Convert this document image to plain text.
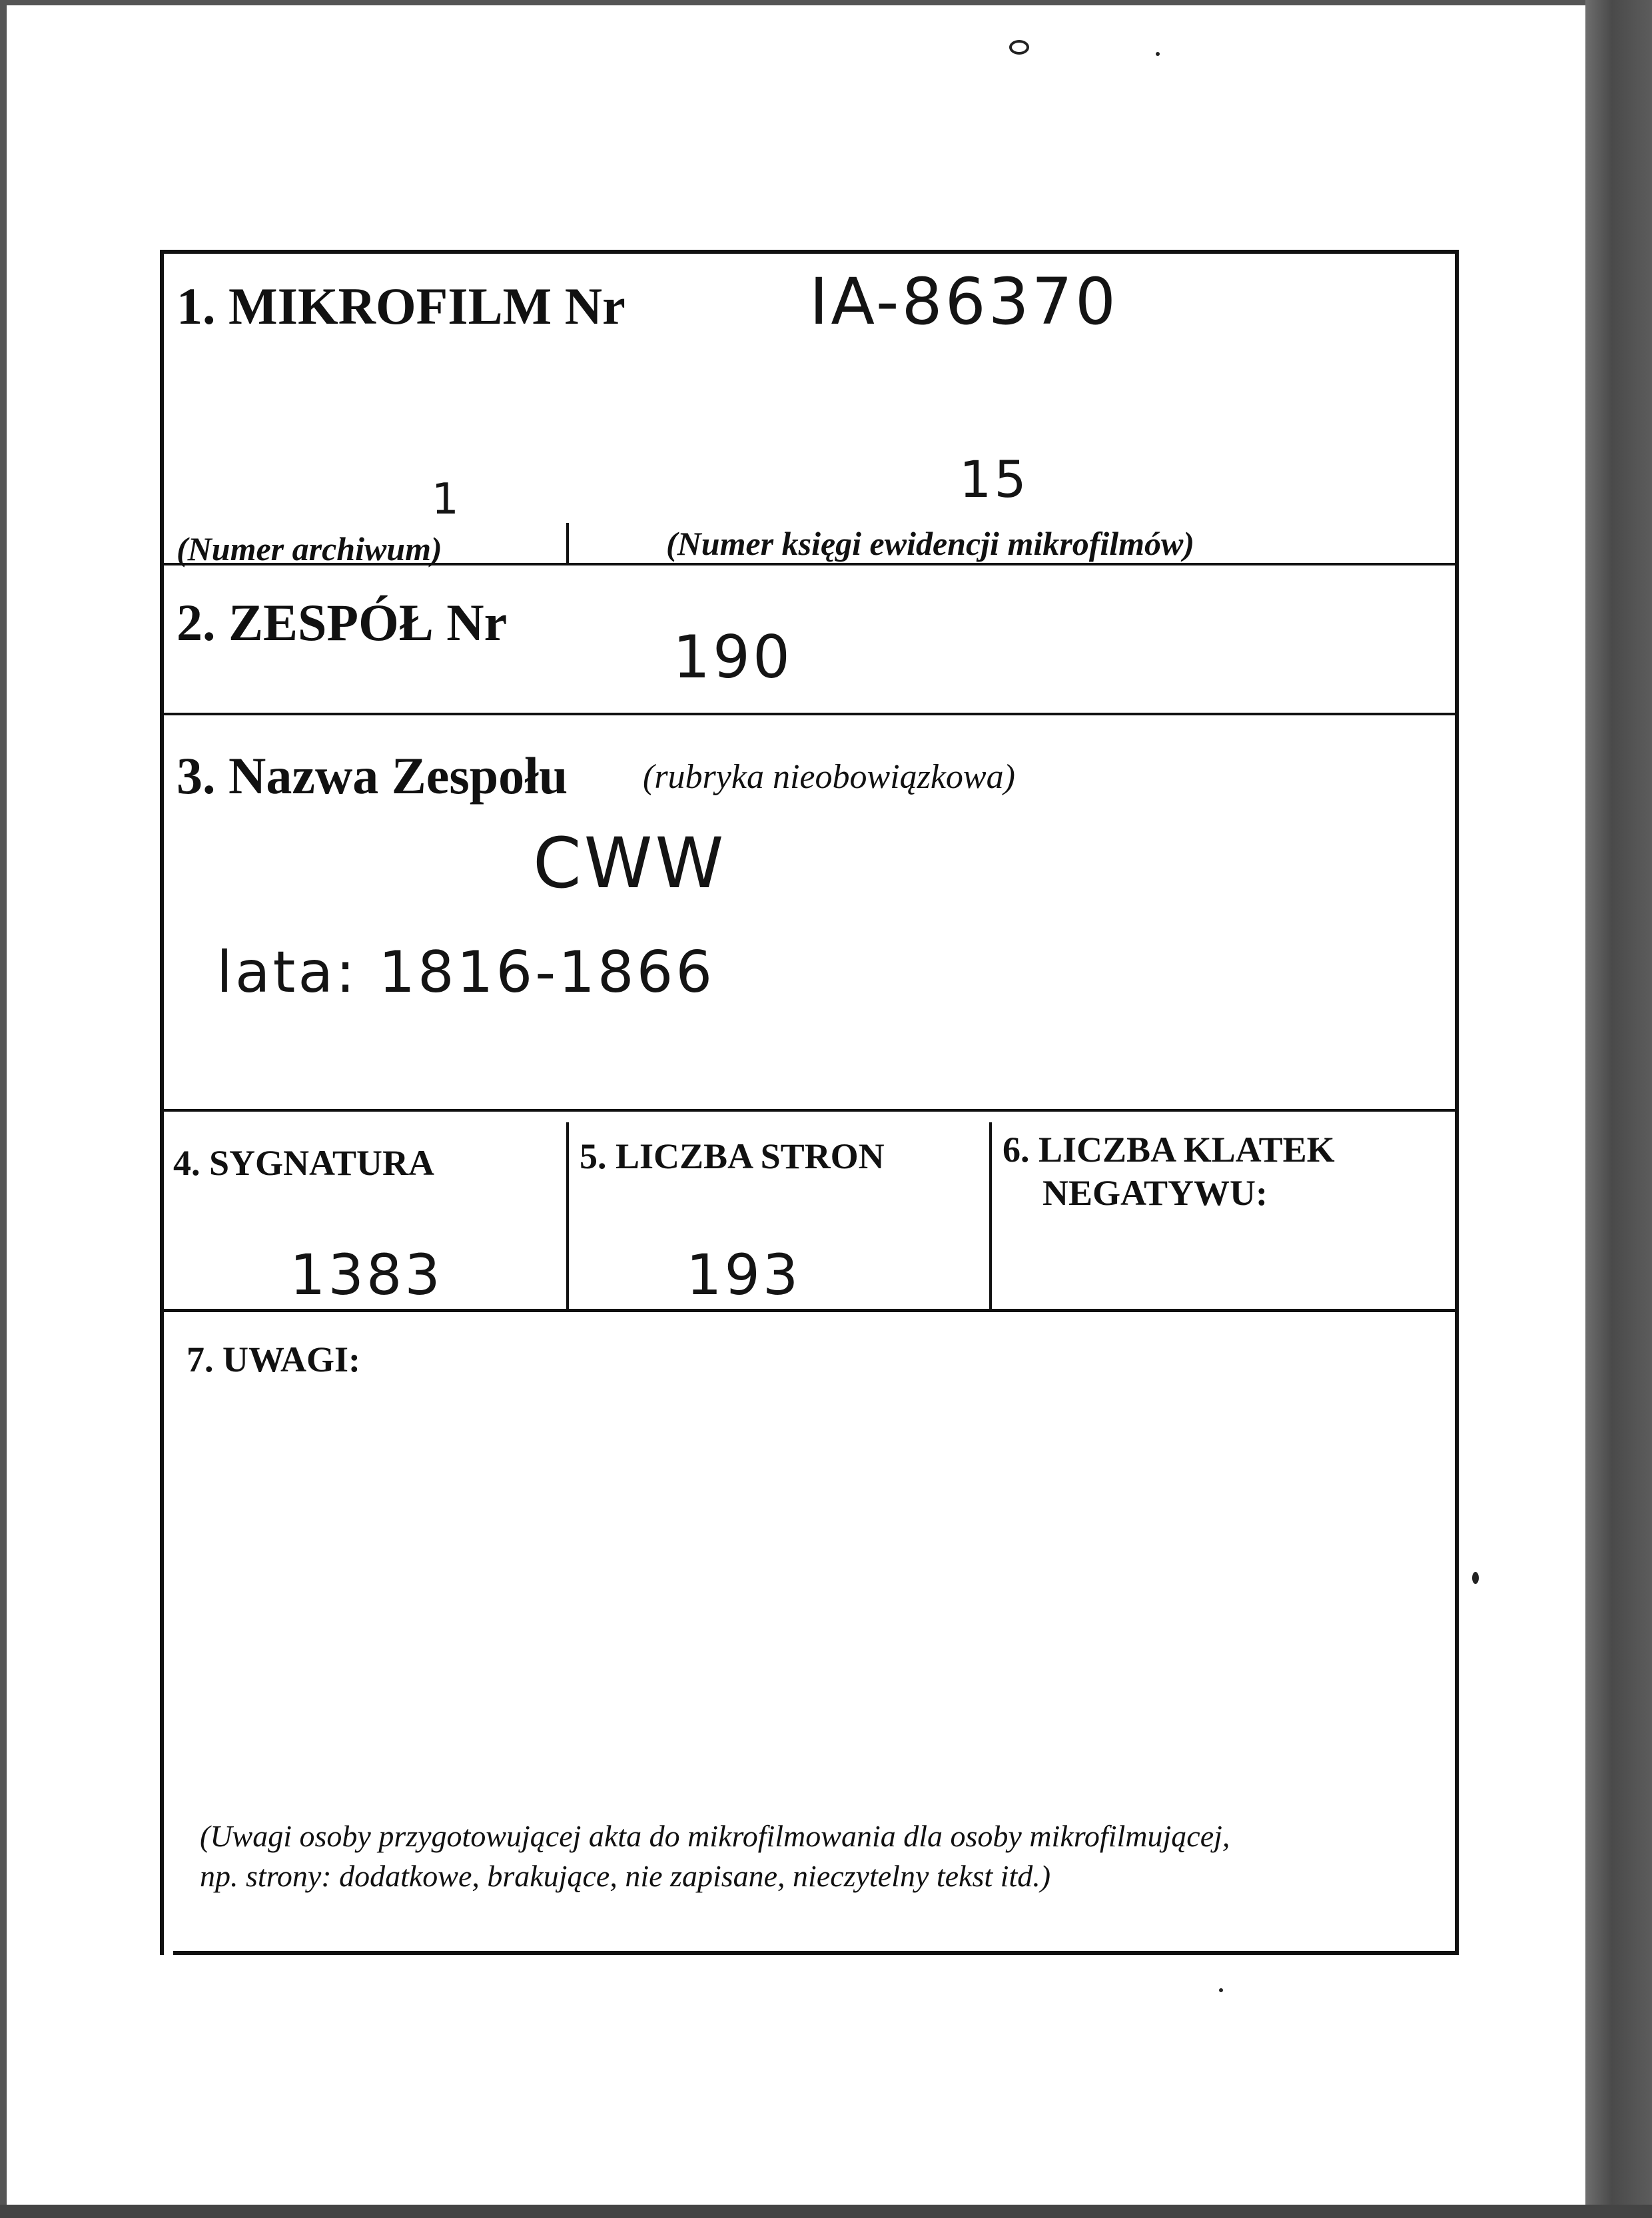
1. MIKROFILM Nr	IA-86370
1
(Numer archiwum)
15
(Numer księgi ewidencji mikrofilmów)
2. ZESPÓŁ Nr
190
3. Nazwa Zespołu (rubryka nieobowiązkowa)
CWW
lata: 1816-1866
4. SYGNATURA
1383
5. LICZBA STRON
193
6. LICZBA KLATEK
NEGATYWU:
7. UWAGI:
(Uwagi osoby przygotowującej akta do mikrofilmowania dla osoby mikrofilmującej,
np. strony: dodatkowe, brakujące, nie zapisane, nieczytelny tekst itd.)
